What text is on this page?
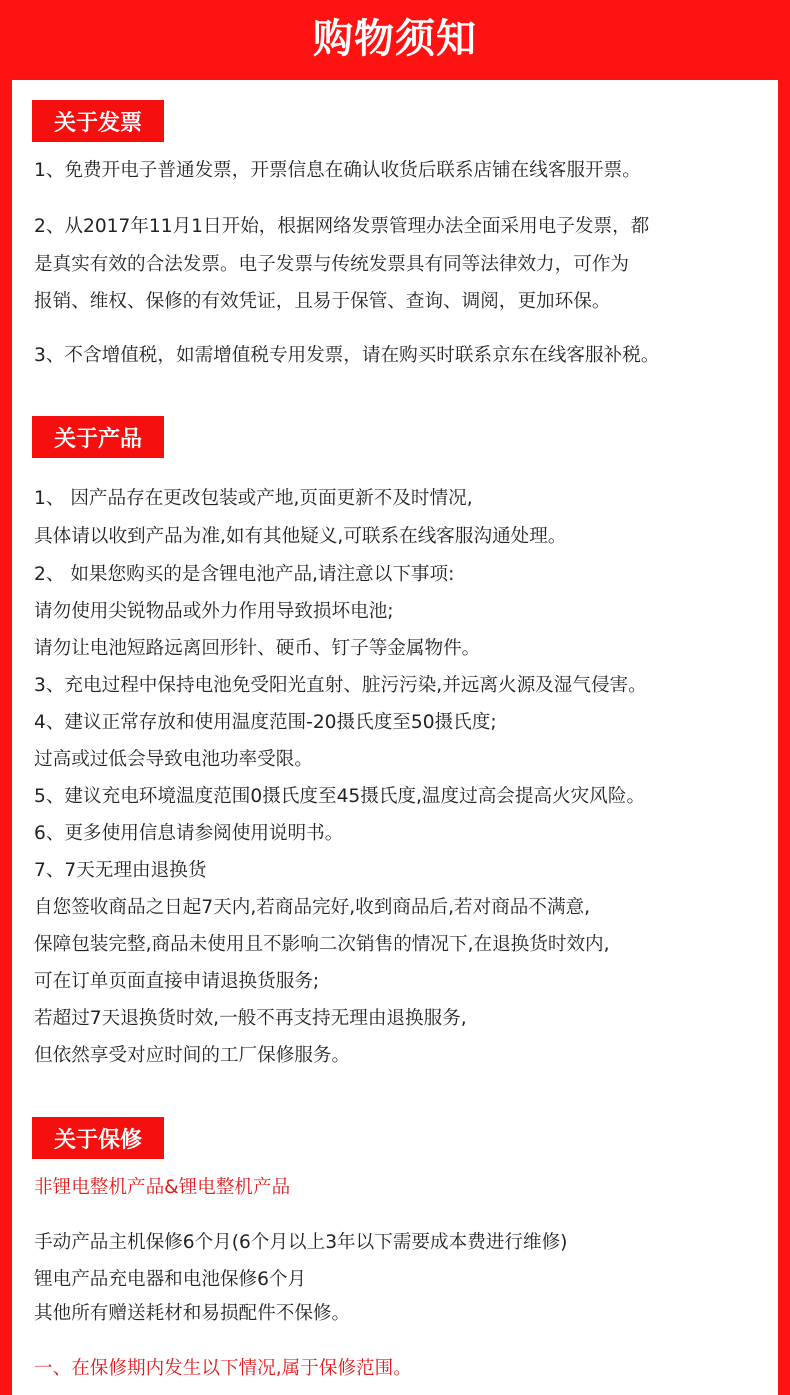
购物须知
关于发票
1、免费开电子普通发票，开票信息在确认收货后联系店铺在线客服开票。
2、从2017年11月1日开始，根据网络发票管理办法全面采用电子发票，都
是真实有效的合法发票。电子发票与传统发票具有同等法律效力，可作为
报销、维权、保修的有效凭证，且易于保管、查询、调阅，更加环保。
3、不含增值税，如需增值税专用发票，请在购买时联系京东在线客服补税。
关于产品
1、 因产品存在更改包装或产地,页面更新不及时情况,
具体请以收到产品为准,如有其他疑义,可联系在线客服沟通处理。
2、 如果您购买的是含锂电池产品,请注意以下事项:
请勿使用尖锐物品或外力作用导致损坏电池;
请勿让电池短路远离回形针、硬币、钉子等金属物件。
3、充电过程中保持电池免受阳光直射、脏污污染,并远离火源及湿气侵害。
4、建议正常存放和使用温度范围-20摄氏度至50摄氏度;
过高或过低会导致电池功率受限。
5、建议充电环境温度范围0摄氏度至45摄氏度,温度过高会提高火灾风险。
6、更多使用信息请参阅使用说明书。
7、7天无理由退换货
自您签收商品之日起7天内,若商品完好,收到商品后,若对商品不满意,
保障包装完整,商品未使用且不影响二次销售的情况下,在退换货时效内,
可在订单页面直接申请退换货服务;
若超过7天退换货时效,一般不再支持无理由退换服务,
但依然享受对应时间的工厂保修服务。
关于保修
非锂电整机产品&锂电整机产品
手动产品主机保修6个月(6个月以上3年以下需要成本费进行维修)
锂电产品充电器和电池保修6个月
其他所有赠送耗材和易损配件不保修。
一、在保修期内发生以下情况,属于保修范围。
